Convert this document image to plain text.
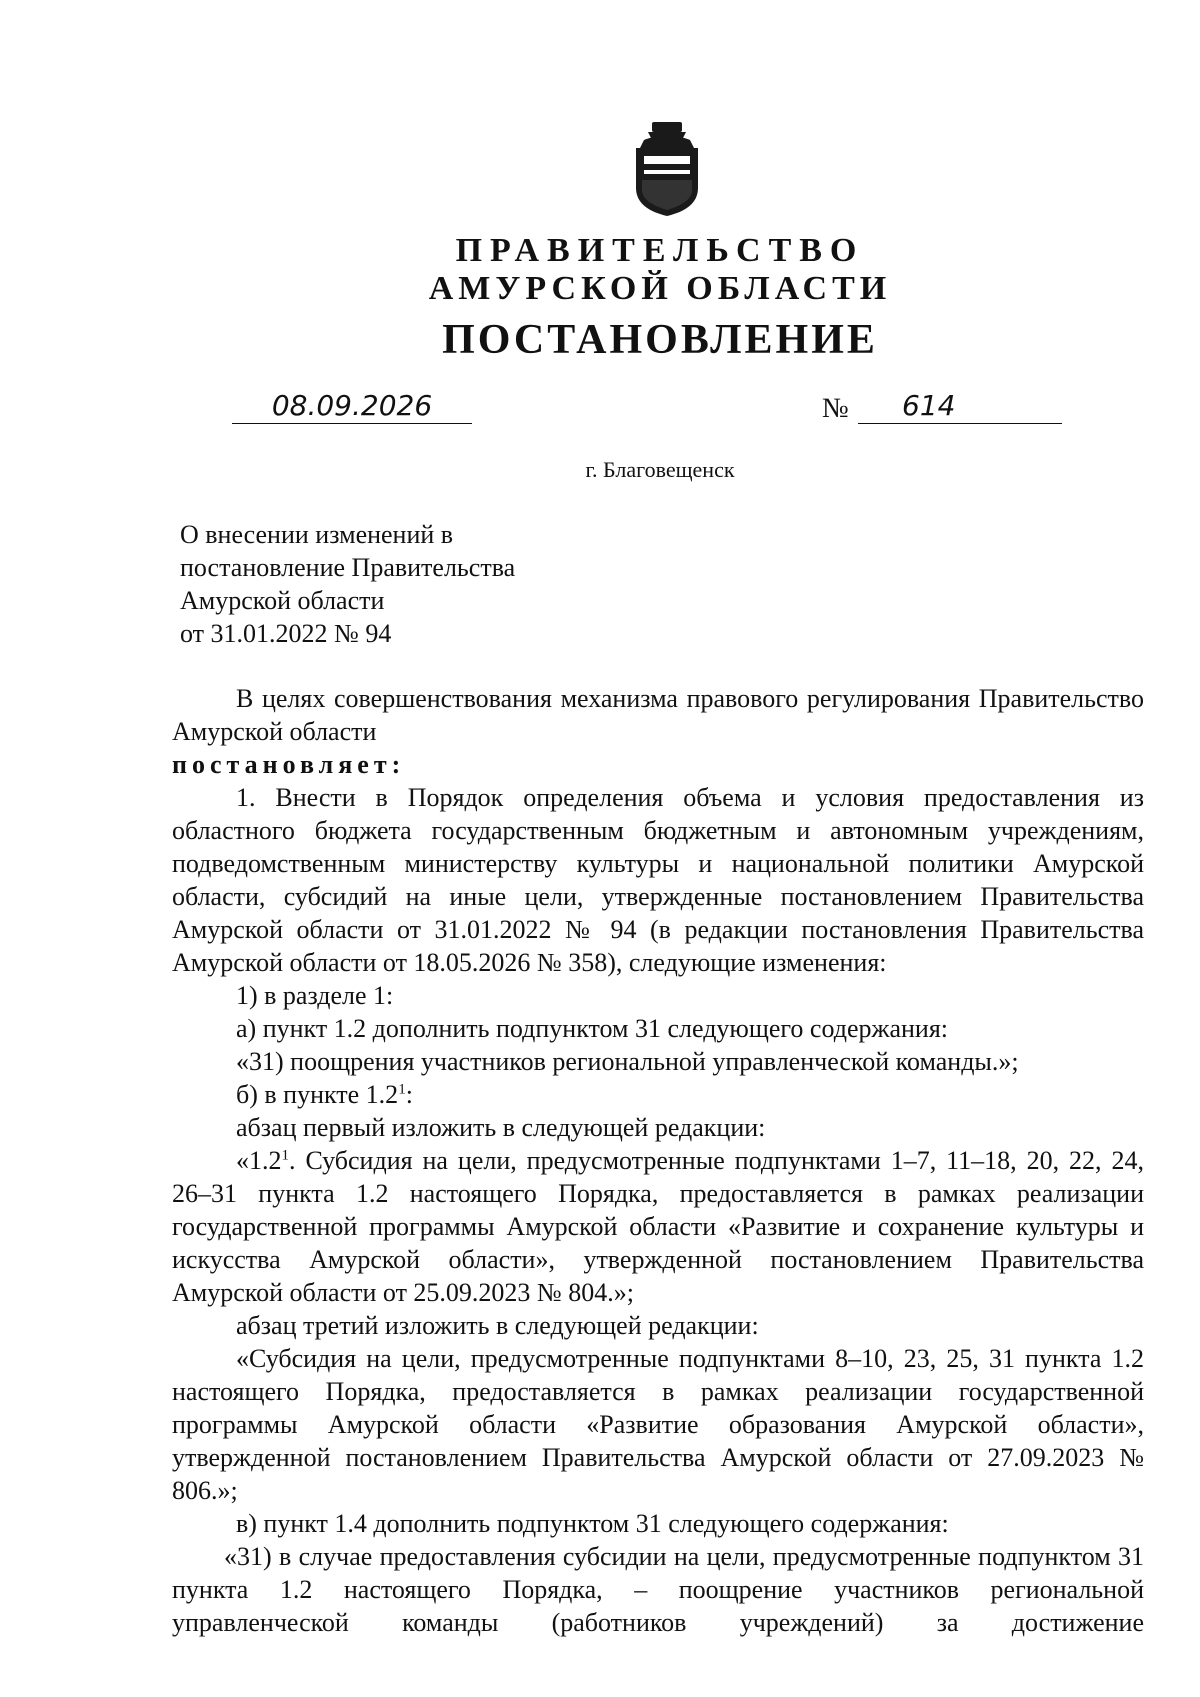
ПРАВИТЕЛЬСТВО
АМУРСКОЙ ОБЛАСТИ
ПОСТАНОВЛЕНИЕ
08.09.2026	№	614
г. Благовещенск
О внесении изменений в
постановление Правительства
Амурской области
от 31.01.2022 № 94

В целях совершенствования механизма правового регулирования Правительство Амурской области

постановляет:

1. Внести в Порядок определения объема и условия предоставления из областного бюджета государственным бюджетным и автономным учреждениям, подведомственным министерству культуры и национальной политики Амурской области, субсидий на иные цели, утвержденные постановлением Правительства Амурской области от 31.01.2022 № 94 (в редакции постановления Правительства Амурской области от 18.05.2026 № 358), следующие изменения:

1) в разделе 1:

а) пункт 1.2 дополнить подпунктом 31 следующего содержания:

«31) поощрения участников региональной управленческой команды.»;

б) в пункте $1.2^1$:

абзац первый изложить в следующей редакции:

«$1.2^1$. Субсидия на цели, предусмотренные подпунктами 1–7, 11–18, 20, 22, 24, 26–31 пункта 1.2 настоящего Порядка, предоставляется в рамках реализации государственной программы Амурской области «Развитие и сохранение культуры и искусства Амурской области», утвержденной постановлением Правительства Амурской области от 25.09.2023 № 804.»;

абзац третий изложить в следующей редакции:

«Субсидия на цели, предусмотренные подпунктами 8–10, 23, 25, 31 пункта 1.2 настоящего Порядка, предоставляется в рамках реализации государственной программы Амурской области «Развитие образования Амурской области», утвержденной постановлением Правительства Амурской области от 27.09.2023 № 806.»;

в) пункт 1.4 дополнить подпунктом 31 следующего содержания:

«31) в случае предоставления субсидии на цели, предусмотренные подпунктом 31 пункта 1.2 настоящего Порядка, – поощрение участников региональной управленческой команды (работников учреждений) за достижение
